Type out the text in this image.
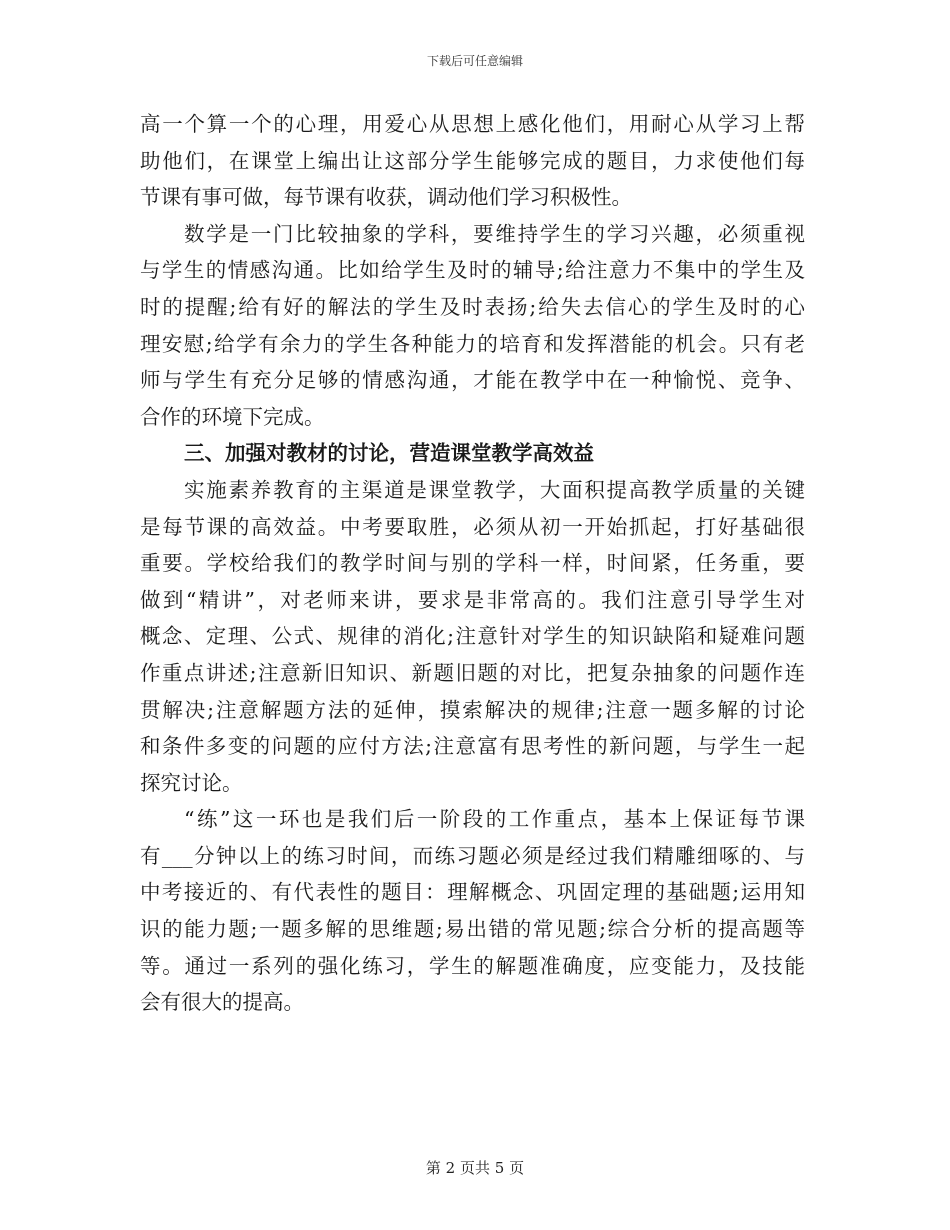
下载后可任意编辑
高一个算一个的心理，用爱心从思想上感化他们，用耐心从学习上帮
助他们，在课堂上编出让这部分学生能够完成的题目，力求使他们每
节课有事可做，每节课有收获，调动他们学习积极性。
数学是一门比较抽象的学科，要维持学生的学习兴趣，必须重视
与学生的情感沟通。比如给学生及时的辅导;给注意力不集中的学生及
时的提醒;给有好的解法的学生及时表扬;给失去信心的学生及时的心
理安慰;给学有余力的学生各种能力的培育和发挥潜能的机会。只有老
师与学生有充分足够的情感沟通，才能在教学中在一种愉悦、竞争、
合作的环境下完成。
三、加强对教材的讨论，营造课堂教学高效益
实施素养教育的主渠道是课堂教学，大面积提高教学质量的关键
是每节课的高效益。中考要取胜，必须从初一开始抓起，打好基础很
重要。学校给我们的教学时间与别的学科一样，时间紧，任务重，要
做到“精讲”，对老师来讲，要求是非常高的。我们注意引导学生对
概念、定理、公式、规律的消化;注意针对学生的知识缺陷和疑难问题
作重点讲述;注意新旧知识、新题旧题的对比，把复杂抽象的问题作连
贯解决;注意解题方法的延伸，摸索解决的规律;注意一题多解的讨论
和条件多变的问题的应付方法;注意富有思考性的新问题，与学生一起
探究讨论。
“练”这一环也是我们后一阶段的工作重点，基本上保证每节课
有___分钟以上的练习时间，而练习题必须是经过我们精雕细啄的、与
中考接近的、有代表性的题目：理解概念、巩固定理的基础题;运用知
识的能力题;一题多解的思维题;易出错的常见题;综合分析的提高题等
等。通过一系列的强化练习，学生的解题准确度，应变能力，及技能
会有很大的提高。
第 2 页共 5 页
